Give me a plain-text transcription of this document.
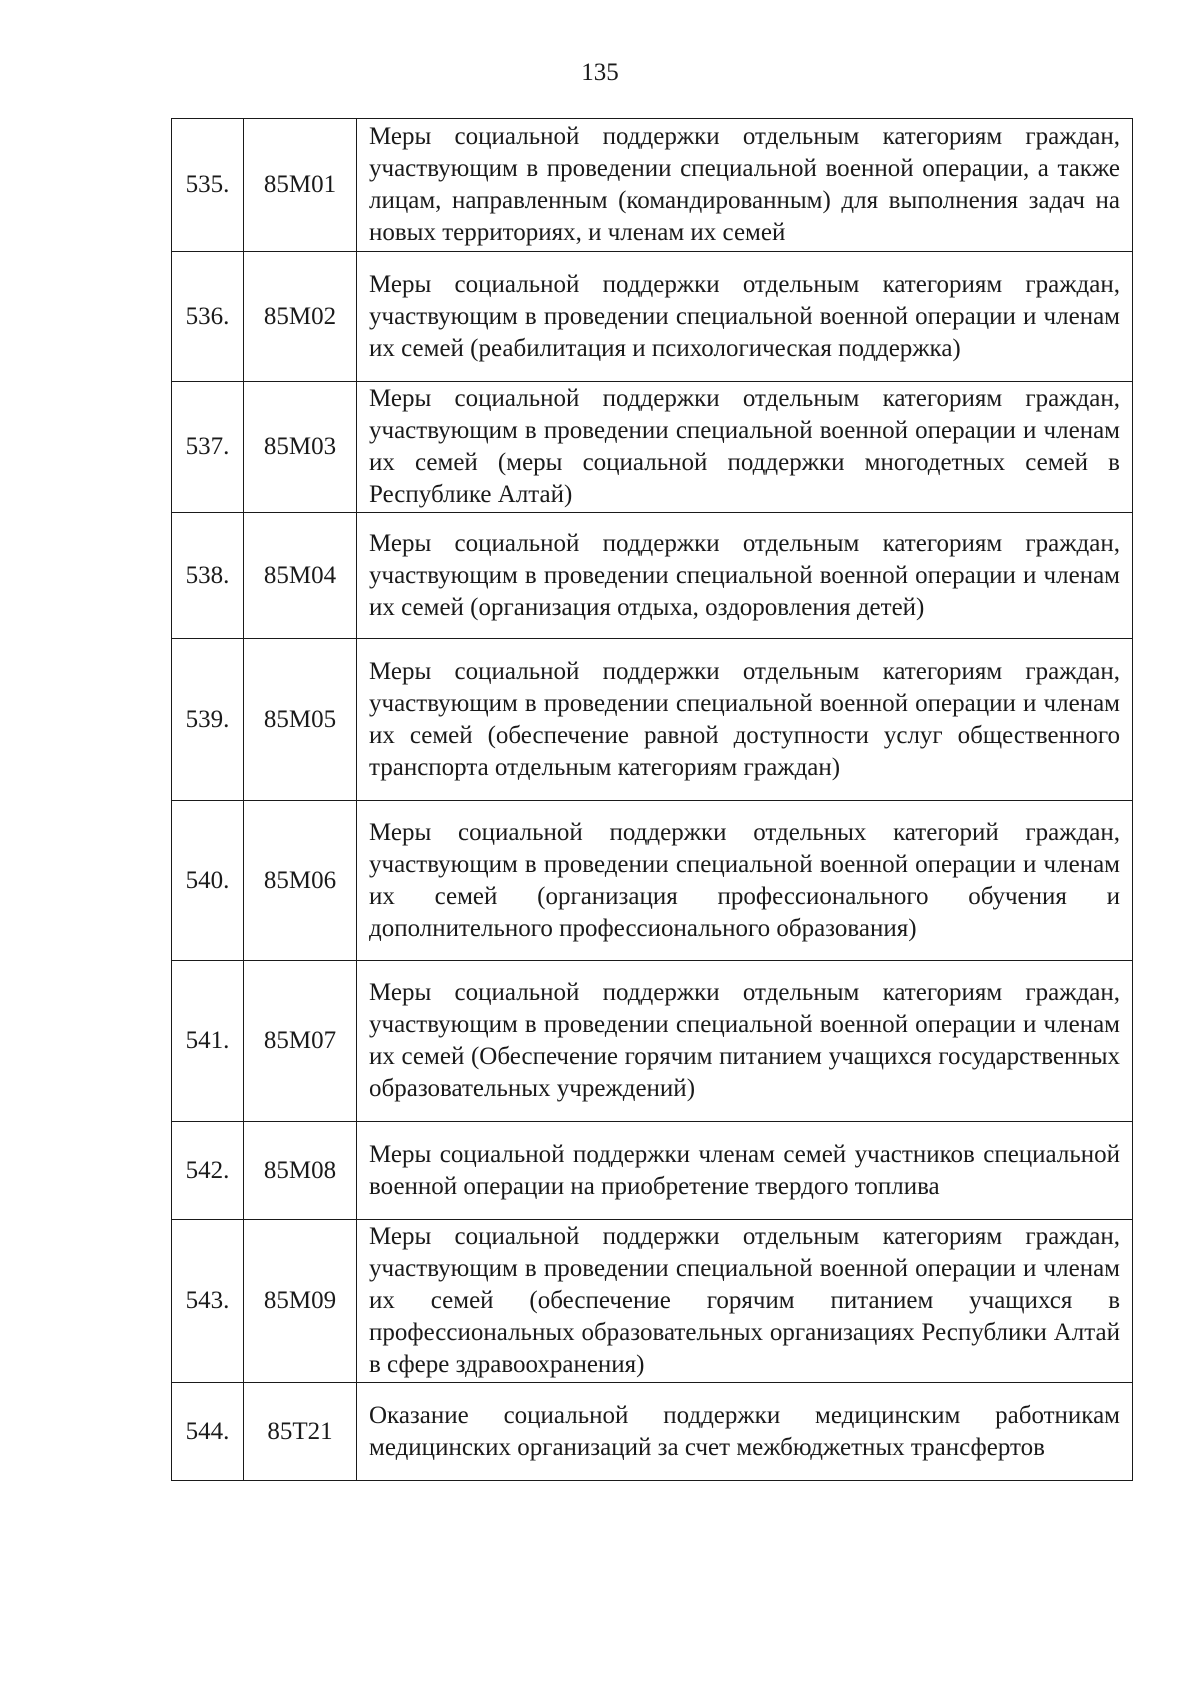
135
535.	85M01	Меры социальной поддержки отдельным категориям граждан, участвующим в проведении специальной военной операции, а также лицам, направленным (командированным) для выполнения задач на новых территориях, и членам их семей
536.	85M02	Меры социальной поддержки отдельным категориям граждан, участвующим в проведении специальной военной операции и членам их семей (реабилитация и психологическая поддержка)
537.	85M03	Меры социальной поддержки отдельным категориям граждан, участвующим в проведении специальной военной операции и членам их семей (меры социальной поддержки многодетных семей в Республике Алтай)
538.	85M04	Меры социальной поддержки отдельным категориям граждан, участвующим в проведении специальной военной операции и членам их семей (организация отдыха, оздоровления детей)
539.	85M05	Меры социальной поддержки отдельным категориям граждан, участвующим в проведении специальной военной операции и членам их семей (обеспечение равной доступности услуг общественного транспорта отдельным категориям граждан)
540.	85M06	Меры социальной поддержки отдельных категорий граждан, участвующим в проведении специальной военной операции и членам их семей (организация профессионального обучения и дополнительного профессионального образования)
541.	85M07	Меры социальной поддержки отдельным категориям граждан, участвующим в проведении специальной военной операции и членам их семей (Обеспечение горячим питанием учащихся государственных образовательных учреждений)
542.	85M08	Меры социальной поддержки членам семей участников специальной военной операции на приобретение твердого топлива
543.	85M09	Меры социальной поддержки отдельным категориям граждан, участвующим в проведении специальной военной операции и членам их семей (обеспечение горячим питанием учащихся в профессиональных образовательных организациях Республики Алтай в сфере здравоохранения)
544.	85T21	Оказание социальной поддержки медицинским работникам медицинских организаций за счет межбюджетных трансфертов
